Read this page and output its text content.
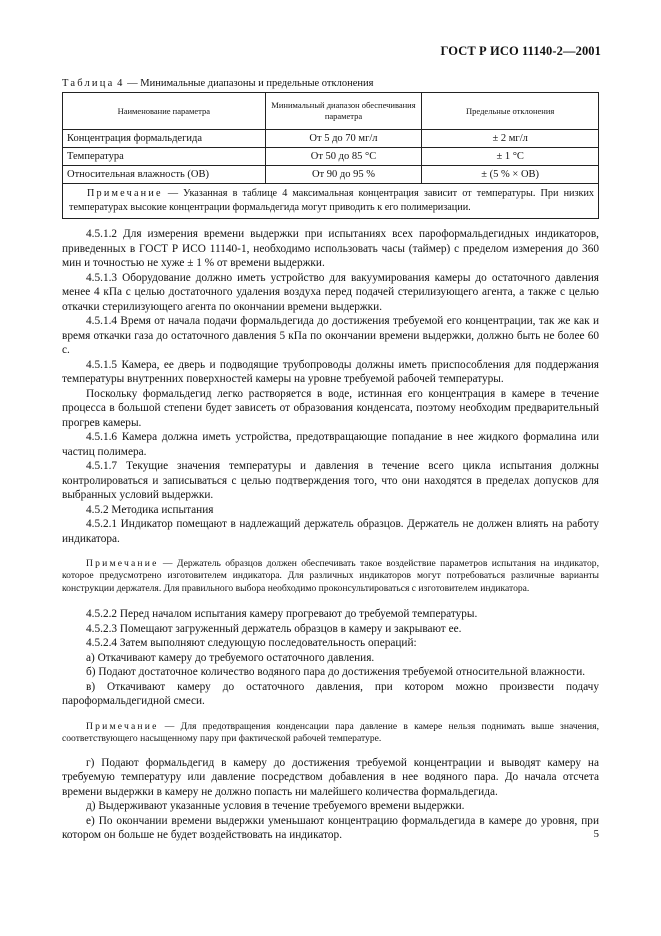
ГОСТ Р ИСО 11140-2—2001
Таблица 4 — Минимальные диапазоны и предельные отклонения
Наименование параметра	Минимальный диапазон обеспечивания параметра	Предельные отклонения
Концентрация формальдегида	От 5 до 70 мг/л	± 2 мг/л
Температура	От 50 до 85 °С	± 1 °С
Относительная влажность (ОВ)	От 90 до 95 %	± (5 % × ОВ)
Примечание — Указанная в таблице 4 максимальная концентрация зависит от температуры. При низких температурах высокие концентрации формальдегида могут приводить к его полимеризации.		

4.5.1.2 Для измерения времени выдержки при испытаниях всех пароформальдегидных индикаторов, приведенных в ГОСТ Р ИСО 11140-1, необходимо использовать часы (таймер) с пределом измерения до 360 мин и точностью не хуже ± 1 % от времени выдержки.

4.5.1.3 Оборудование должно иметь устройство для вакуумирования камеры до остаточного давления менее 4 кПа с целью достаточного удаления воздуха перед подачей стерилизующего агента, а также с целью откачки стерилизующего агента по окончании времени выдержки.

4.5.1.4 Время от начала подачи формальдегида до достижения требуемой его концентрации, так же как и время откачки газа до остаточного давления 5 кПа по окончании времени выдержки, должно быть не более 60 с.

4.5.1.5 Камера, ее дверь и подводящие трубопроводы должны иметь приспособления для поддержания температуры внутренних поверхностей камеры на уровне требуемой рабочей температуры.

Поскольку формальдегид легко растворяется в воде, истинная его концентрация в камере в течение процесса в большой степени будет зависеть от образования конденсата, поэтому необходим предварительный прогрев камеры.

4.5.1.6 Камера должна иметь устройства, предотвращающие попадание в нее жидкого формалина или частиц полимера.

4.5.1.7 Текущие значения температуры и давления в течение всего цикла испытания должны контролироваться и записываться с целью подтверждения того, что они находятся в пределах допусков для выбранных условий выдержки.

4.5.2 Методика испытания

4.5.2.1 Индикатор помещают в надлежащий держатель образцов. Держатель не должен влиять на работу индикатора.

Примечание — Держатель образцов должен обеспечивать такое воздействие параметров испытания на индикатор, которое предусмотрено изготовителем индикатора. Для различных индикаторов могут потребоваться различные варианты конструкции держателя. Для правильного выбора необходимо проконсультироваться с изготовителем индикатора.

4.5.2.2 Перед началом испытания камеру прогревают до требуемой температуры.

4.5.2.3 Помещают загруженный держатель образцов в камеру и закрывают ее.

4.5.2.4 Затем выполняют следующую последовательность операций:

а) Откачивают камеру до требуемого остаточного давления.

б) Подают достаточное количество водяного пара до достижения требуемой относительной влажности.

в) Откачивают камеру до остаточного давления, при котором можно произвести подачу пароформальдегидной смеси.

Примечание — Для предотвращения конденсации пара давление в камере нельзя поднимать выше значения, соответствующего насыщенному пару при фактической рабочей температуре.

г) Подают формальдегид в камеру до достижения требуемой концентрации и выводят камеру на требуемую температуру или давление посредством добавления в нее водяного пара. До начала отсчета времени выдержки в камеру не должно попасть ни малейшего количества формальдегида.

д) Выдерживают указанные условия в течение требуемого времени выдержки.

е) По окончании времени выдержки уменьшают концентрацию формальдегида в камере до уровня, при котором он больше не будет воздействовать на индикатор.	5
